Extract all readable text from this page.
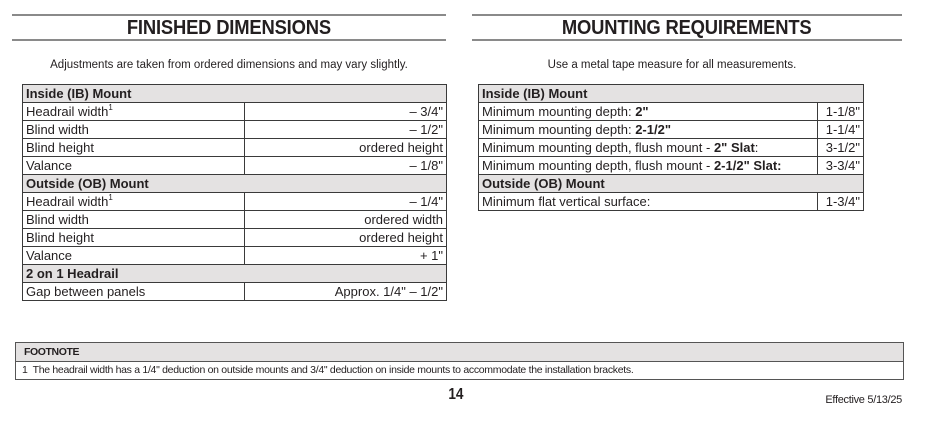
FINISHED DIMENSIONS
Adjustments are taken from ordered dimensions and may vary slightly.
Inside (IB) Mount	
Headrail width$^1$	– 3/4"
Blind width	– 1/2"
Blind height	ordered height
Valance	– 1/8"
Outside (OB) Mount	
Headrail width$^1$	– 1/4"
Blind width	ordered width
Blind height	ordered height
Valance	+ 1"
2 on 1 Headrail	
Gap between panels	Approx. 1/4" – 1/2"
MOUNTING REQUIREMENTS
Use a metal tape measure for all measurements.
Inside (IB) Mount	
Minimum mounting depth: 2"	1-1/8"
Minimum mounting depth: 2-1/2"	1-1/4"
Minimum mounting depth, flush mount - 2" Slat:	3-1/2"
Minimum mounting depth, flush mount - 2-1/2" Slat:	3-3/4"
Outside (OB) Mount	
Minimum flat vertical surface:	1-3/4"
FOOTNOTE
1  The headrail width has a 1/4" deduction on outside mounts and 3/4" deduction on inside mounts to accommodate the installation brackets.
14	Effective 5/13/25
